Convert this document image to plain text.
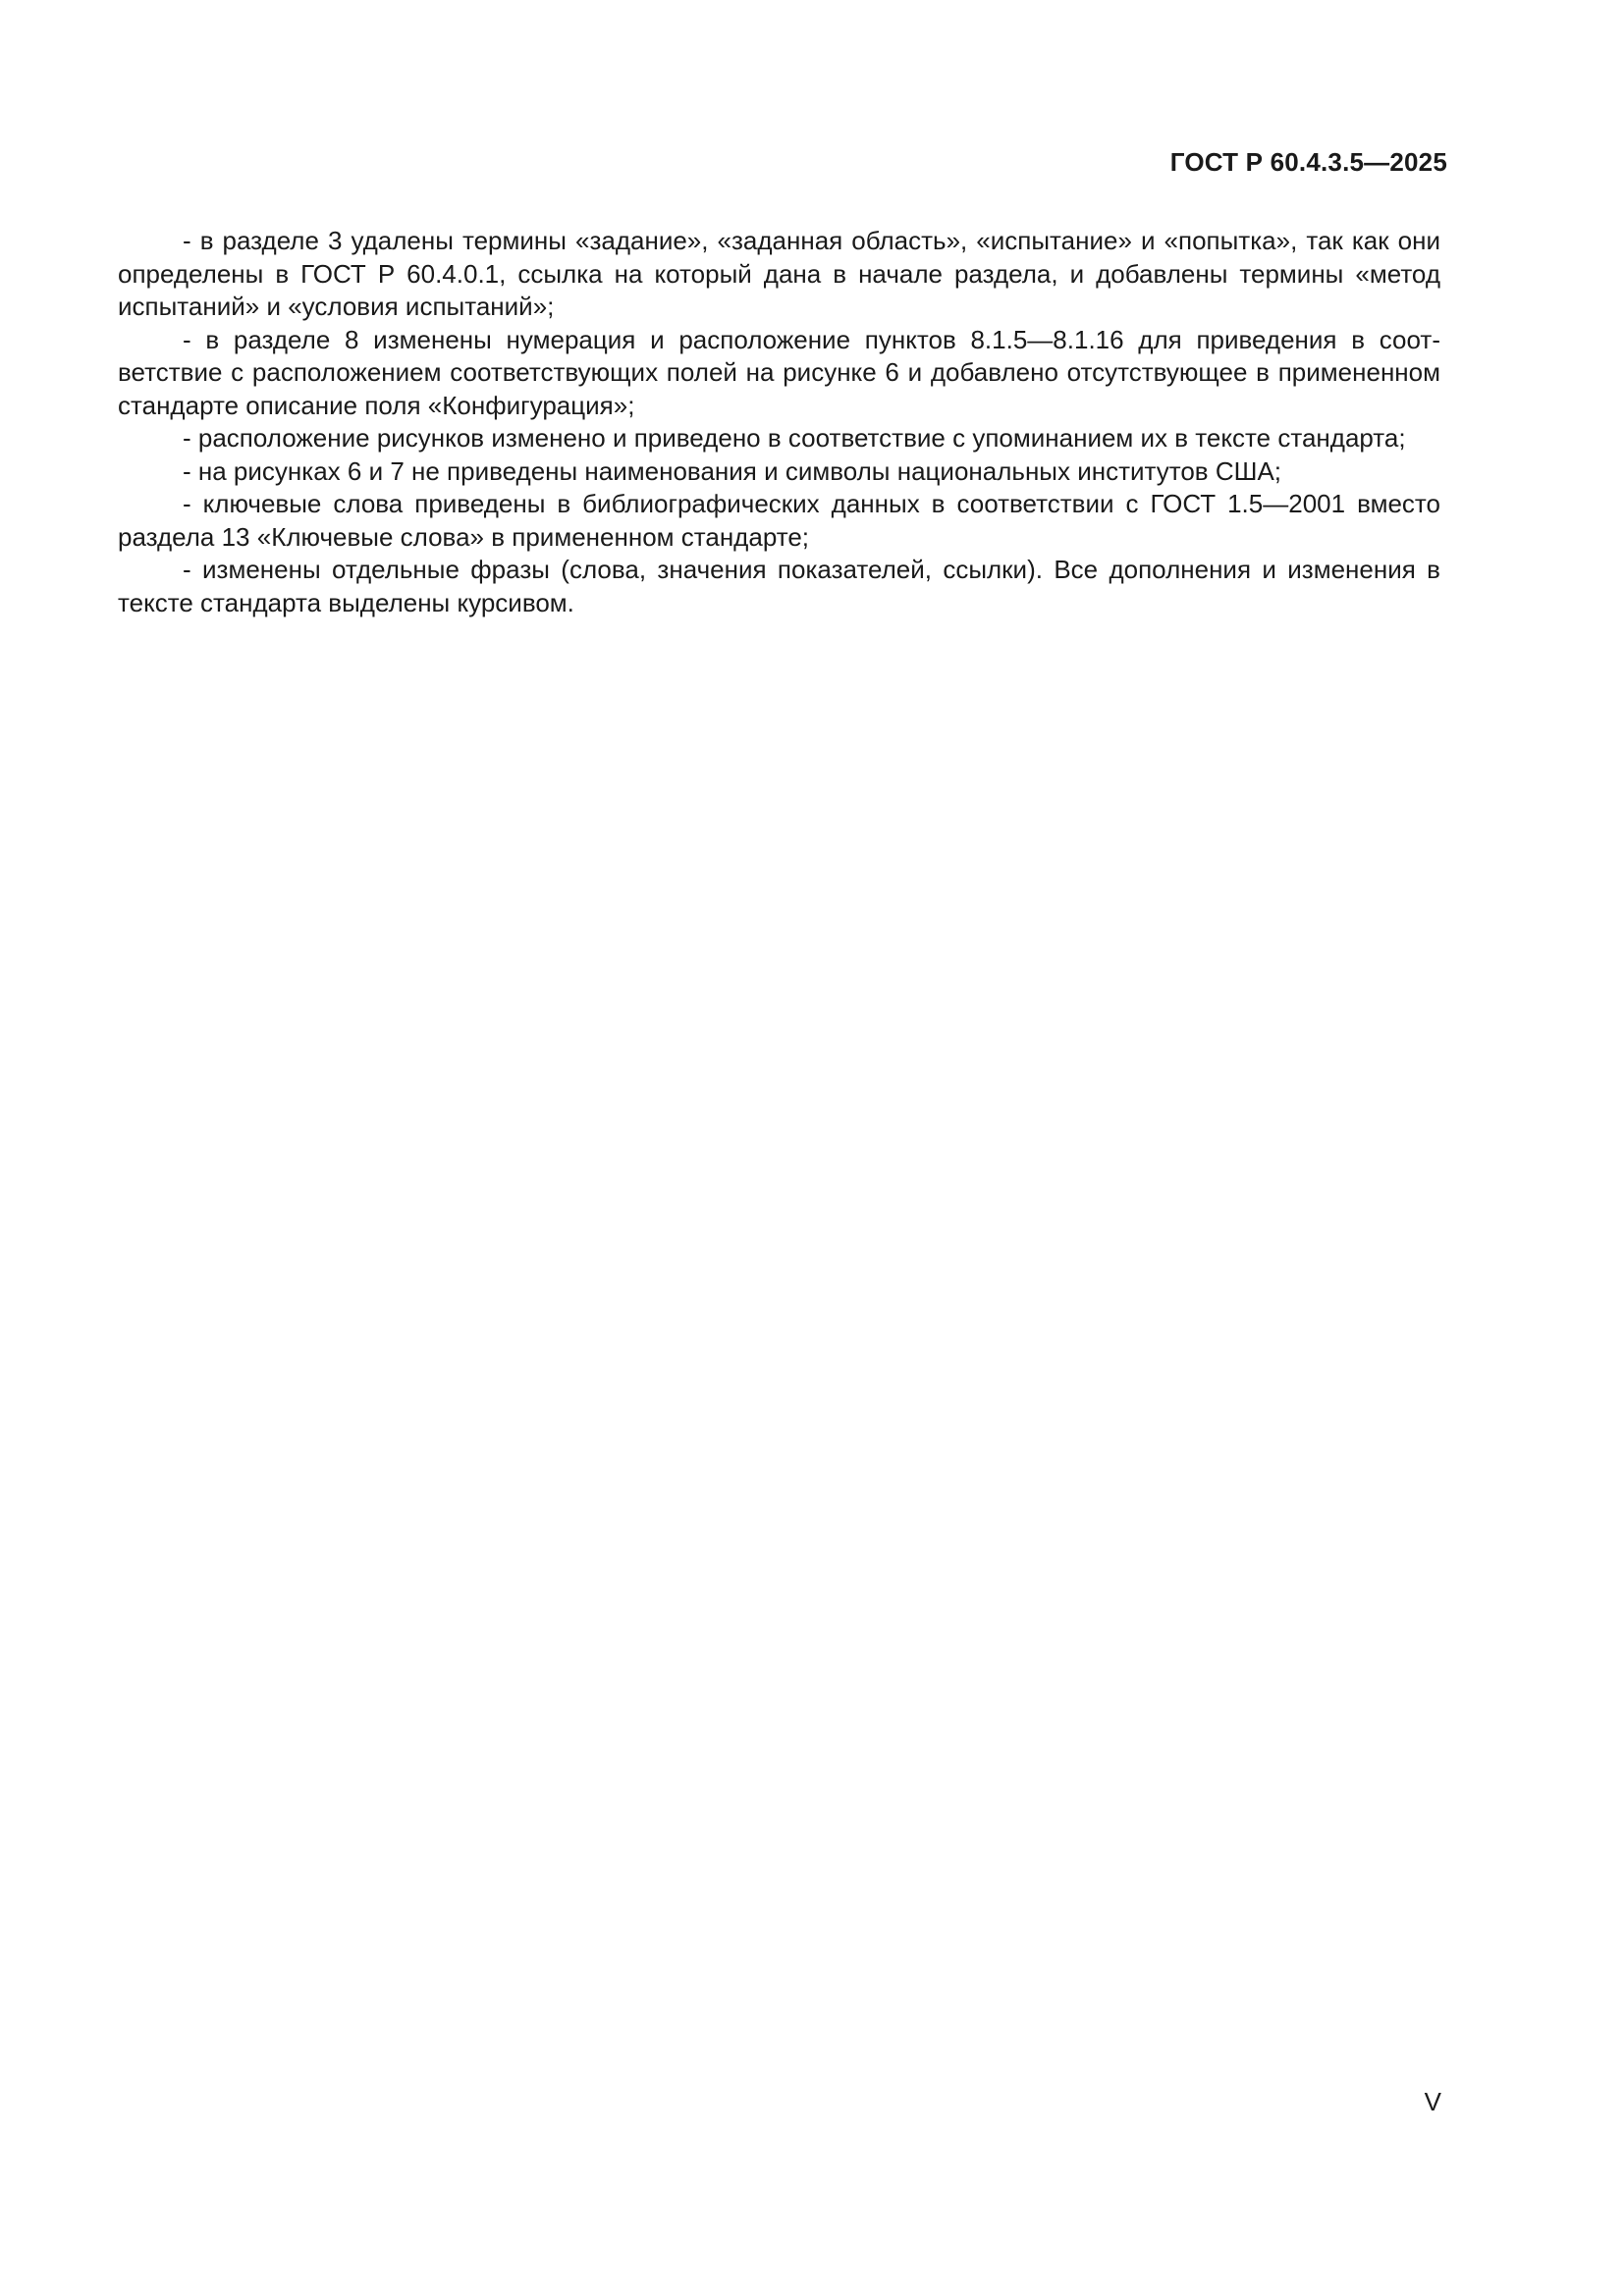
ГОСТ Р 60.4.3.5—2025

- в разделе 3 удалены термины «задание», «заданная область», «испытание» и «попытка», так как они определены в ГОСТ Р 60.4.0.1, ссылка на который дана в начале раздела, и добавлены термины «метод испытаний» и «условия испытаний»;

- в разделе 8 изменены нумерация и расположение пунктов 8.1.5—8.1.16 для приведения в соответствие с расположением соответствующих полей на рисунке 6 и добавлено отсутствующее в примененном стандарте описание поля «Конфигурация»;

- расположение рисунков изменено и приведено в соответствие с упоминанием их в тексте стандарта;

- на рисунках 6 и 7 не приведены наименования и символы национальных институтов США;

- ключевые слова приведены в библиографических данных в соответствии с ГОСТ 1.5—2001 вместо раздела 13 «Ключевые слова» в примененном стандарте;

- изменены отдельные фразы (слова, значения показателей, ссылки). Все дополнения и изменения в тексте стандарта выделены курсивом.

V
